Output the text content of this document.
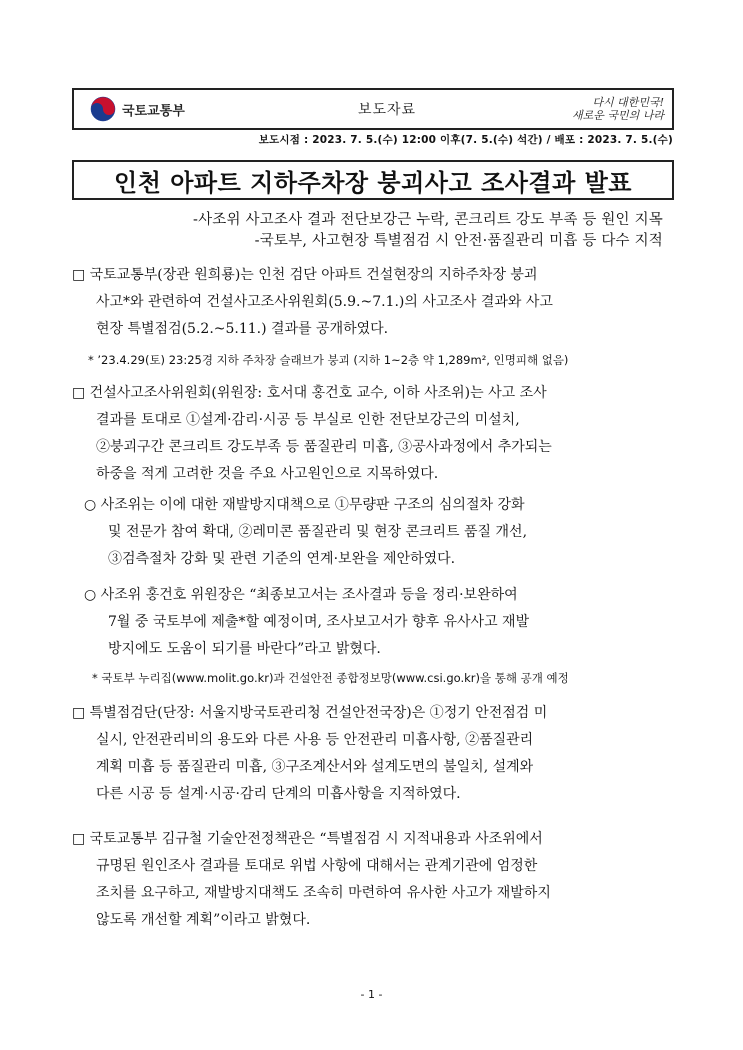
국토교통부	보도자료	다시 대한민국!
새로운 국민의 나라
보도시점 : 2023. 7. 5.(수) 12:00 이후(7. 5.(수) 석간) / 배포 : 2023. 7. 5.(수)
인천 아파트 지하주차장 붕괴사고 조사결과 발표
-사조위 사고조사 결과 전단보강근 누락, 콘크리트 강도 부족 등 원인 지목
-국토부, 사고현장 특별점검 시 안전·품질관리 미흡 등 다수 지적
□ 국토교통부(장관 원희룡)는 인천 검단 아파트 건설현장의 지하주차장 붕괴
사고*와 관련하여 건설사고조사위원회(5.9.~7.1.)의 사고조사 결과와 사고
현장 특별점검(5.2.~5.11.) 결과를 공개하였다.
* ’23.4.29(토) 23:25경 지하 주차장 슬래브가 붕괴 (지하 1~2층 약 1,289m², 인명피해 없음)
□ 건설사고조사위원회(위원장: 호서대 홍건호 교수, 이하 사조위)는 사고 조사
결과를 토대로 ①설계·감리·시공 등 부실로 인한 전단보강근의 미설치,
②붕괴구간 콘크리트 강도부족 등 품질관리 미흡, ③공사과정에서 추가되는
하중을 적게 고려한 것을 주요 사고원인으로 지목하였다.
○ 사조위는 이에 대한 재발방지대책으로 ①무량판 구조의 심의절차 강화
및 전문가 참여 확대, ②레미콘 품질관리 및 현장 콘크리트 품질 개선,
③검측절차 강화 및 관련 기준의 연계·보완을 제안하였다.
○ 사조위 홍건호 위원장은 “최종보고서는 조사결과 등을 정리·보완하여
7월 중 국토부에 제출*할 예정이며, 조사보고서가 향후 유사사고 재발
방지에도 도움이 되기를 바란다”라고 밝혔다.
* 국토부 누리집(www.molit.go.kr)과 건설안전 종합정보망(www.csi.go.kr)을 통해 공개 예정
□ 특별점검단(단장: 서울지방국토관리청 건설안전국장)은 ①정기 안전점검 미
실시, 안전관리비의 용도와 다른 사용 등 안전관리 미흡사항, ②품질관리
계획 미흡 등 품질관리 미흡, ③구조계산서와 설계도면의 불일치, 설계와
다른 시공 등 설계·시공·감리 단계의 미흡사항을 지적하였다.
□ 국토교통부 김규철 기술안전정책관은 “특별점검 시 지적내용과 사조위에서
규명된 원인조사 결과를 토대로 위법 사항에 대해서는 관계기관에 엄정한
조치를 요구하고, 재발방지대책도 조속히 마련하여 유사한 사고가 재발하지
않도록 개선할 계획”이라고 밝혔다.
- 1 -
